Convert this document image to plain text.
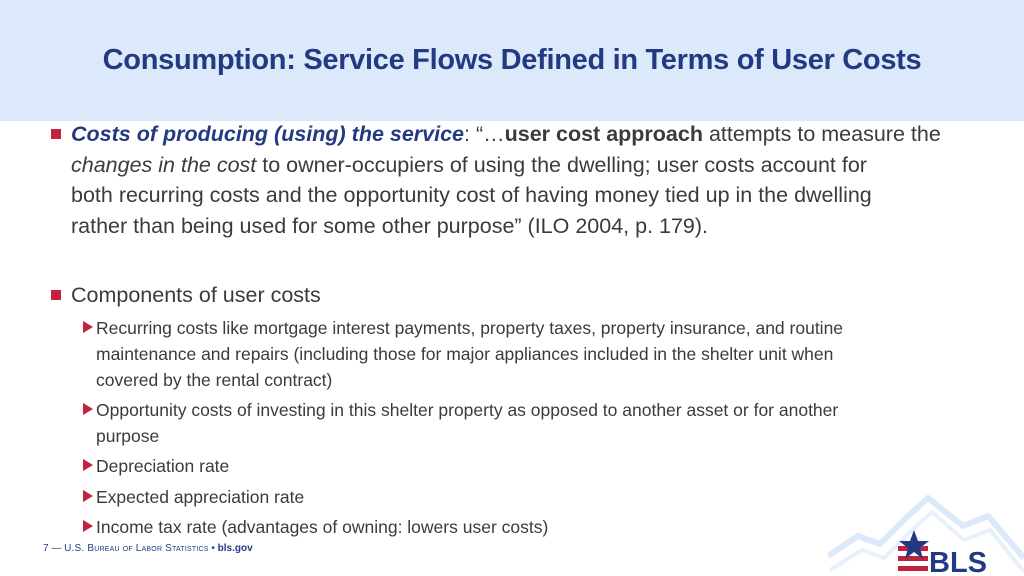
Consumption: Service Flows Defined in Terms of User Costs
Costs of producing (using) the service: “…user cost approach attempts to measure the
changes in the cost to owner-occupiers of using the dwelling; user costs account for
both recurring costs and the opportunity cost of having money tied up in the dwelling
rather than being used for some other purpose” (ILO 2004, p. 179).
Components of user costs
Recurring costs like mortgage interest payments, property taxes, property insurance, and routine
maintenance and repairs (including those for major appliances included in the shelter unit when
covered by the rental contract)
Opportunity costs of investing in this shelter property as opposed to another asset or for another
purpose
Depreciation rate
Expected appreciation rate
Income tax rate (advantages of owning: lowers user costs)
7 — U.S. Bureau of Labor Statistics • bls.gov	BLS
